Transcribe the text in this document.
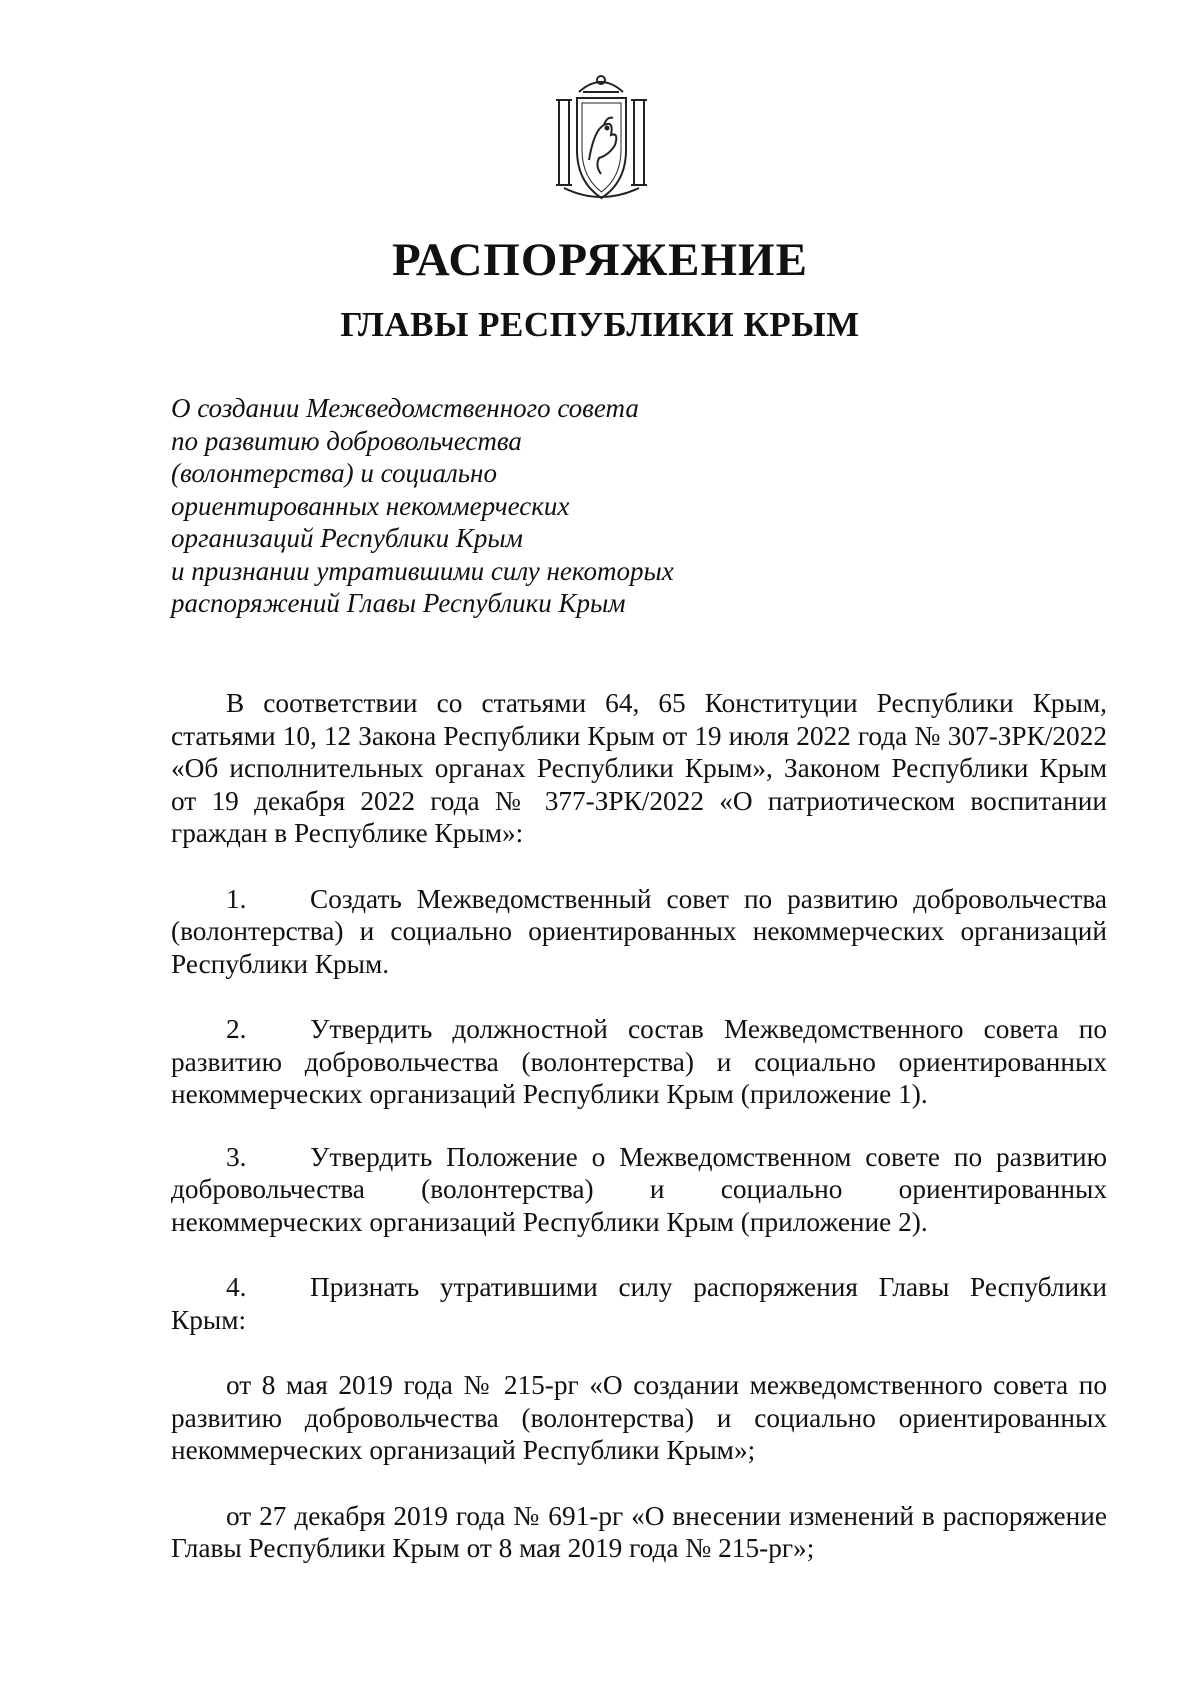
РАСПОРЯЖЕНИЕ
ГЛАВЫ РЕСПУБЛИКИ КРЫМ
О создании Межведомственного совета
по развитию добровольчества
(волонтерства) и социально
ориентированных некоммерческих
организаций Республики Крым
и признании утратившими силу некоторых
распоряжений Главы Республики Крым

В соответствии со статьями 64, 65 Конституции Республики Крым, статьями 10, 12 Закона Республики Крым от 19 июля 2022 года № 307-ЗРК/2022 «Об исполнительных органах Республики Крым», Законом Республики Крым от 19 декабря 2022 года № 377-ЗРК/2022 «О патриотическом воспитании граждан в Республике Крым»:

1. Создать Межведомственный совет по развитию добровольчества (волонтерства) и социально ориентированных некоммерческих организаций Республики Крым.

2. Утвердить должностной состав Межведомственного совета по развитию добровольчества (волонтерства) и социально ориентированных некоммерческих организаций Республики Крым (приложение 1).

3. Утвердить Положение о Межведомственном совете по развитию добровольчества (волонтерства) и социально ориентированных некоммерческих организаций Республики Крым (приложение 2).

4. Признать утратившими силу распоряжения Главы Республики Крым:

от 8 мая 2019 года № 215-рг «О создании межведомственного совета по развитию добровольчества (волонтерства) и социально ориентированных некоммерческих организаций Республики Крым»;

от 27 декабря 2019 года № 691-рг «О внесении изменений в распоряжение Главы Республики Крым от 8 мая 2019 года № 215-рг»;
